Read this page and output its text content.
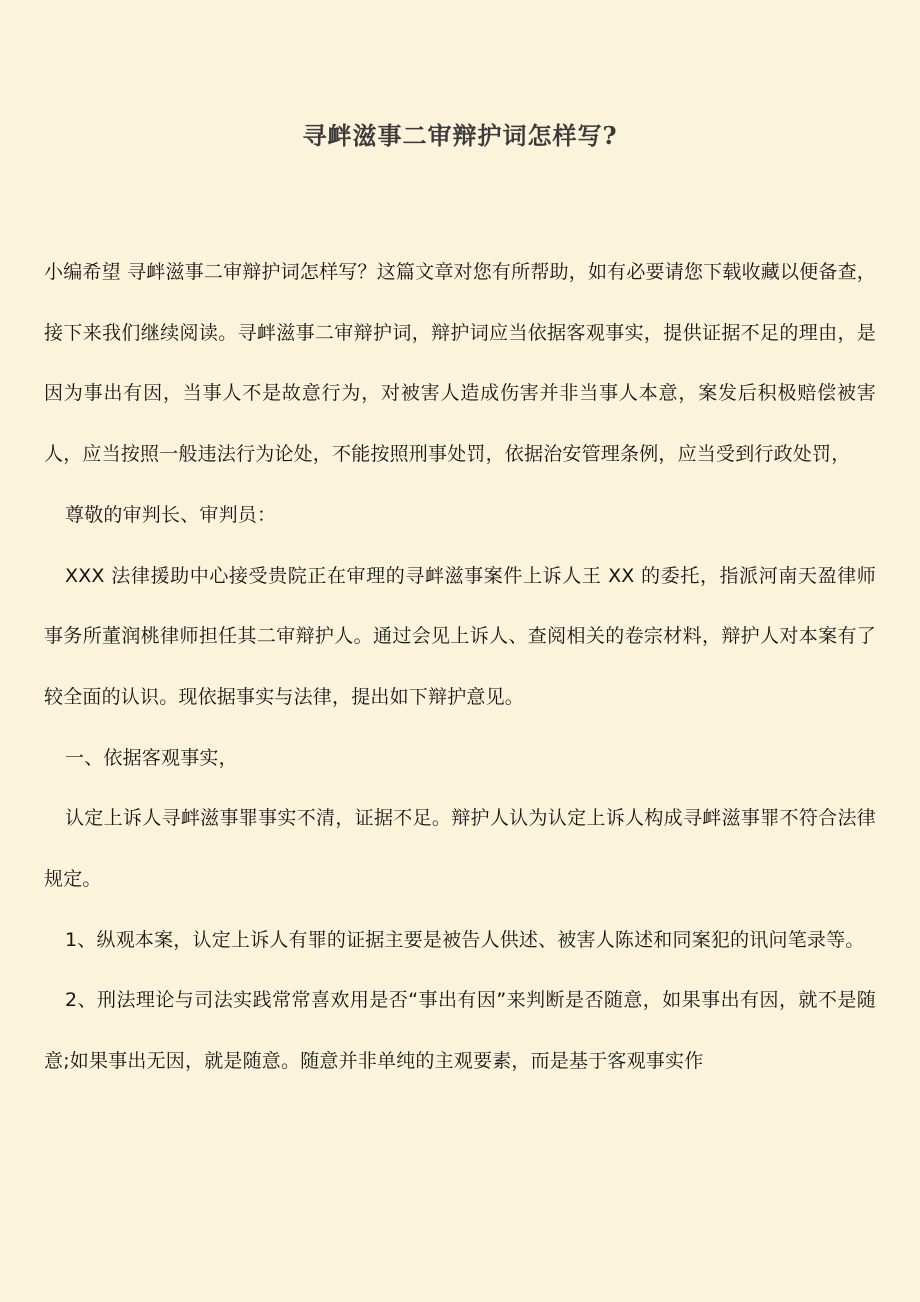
寻衅滋事二审辩护词怎样写?

小编希望 寻衅滋事二审辩护词怎样写？这篇文章对您有所帮助，如有必要请您下载收藏以便备查，接下来我们继续阅读。寻衅滋事二审辩护词，辩护词应当依据客观事实，提供证据不足的理由，是因为事出有因，当事人不是故意行为，对被害人造成伤害并非当事人本意，案发后积极赔偿被害人，应当按照一般违法行为论处，不能按照刑事处罚，依据治安管理条例，应当受到行政处罚，

尊敬的审判长、审判员：

XXX 法律援助中心接受贵院正在审理的寻衅滋事案件上诉人王 XX 的委托，指派河南天盈律师事务所董润桃律师担任其二审辩护人。通过会见上诉人、查阅相关的卷宗材料，辩护人对本案有了较全面的认识。现依据事实与法律，提出如下辩护意见。

一、依据客观事实，

认定上诉人寻衅滋事罪事实不清，证据不足。辩护人认为认定上诉人构成寻衅滋事罪不符合法律规定。

1、纵观本案，认定上诉人有罪的证据主要是被告人供述、被害人陈述和同案犯的讯问笔录等。

2、刑法理论与司法实践常常喜欢用是否“事出有因”来判断是否随意，如果事出有因，就不是随意;如果事出无因，就是随意。随意并非单纯的主观要素，而是基于客观事实作
